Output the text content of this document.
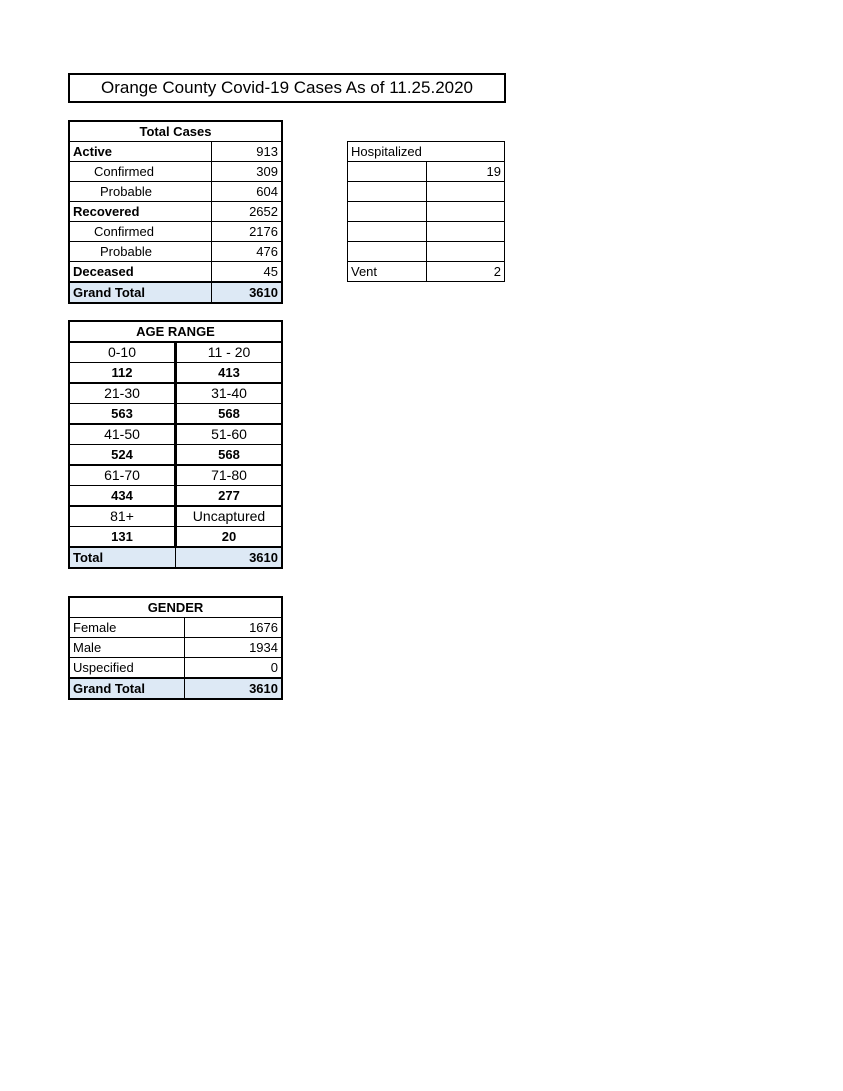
Orange County Covid-19 Cases As of 11.25.2020
Total Cases	
Active	913
Confirmed	309
Probable	604
Recovered	2652
Confirmed	2176
Probable	476
Deceased	45
Grand Total	3610
Hospitalized	
	19

Vent	2
AGE RANGE	
0-10	11 - 20
112	413
21-30	31-40
563	568
41-50	51-60
524	568
61-70	71-80
434	277
81+	Uncaptured
131	20
Total	3610
GENDER	
Female	1676
Male	1934
Uspecified	0
Grand Total	3610
